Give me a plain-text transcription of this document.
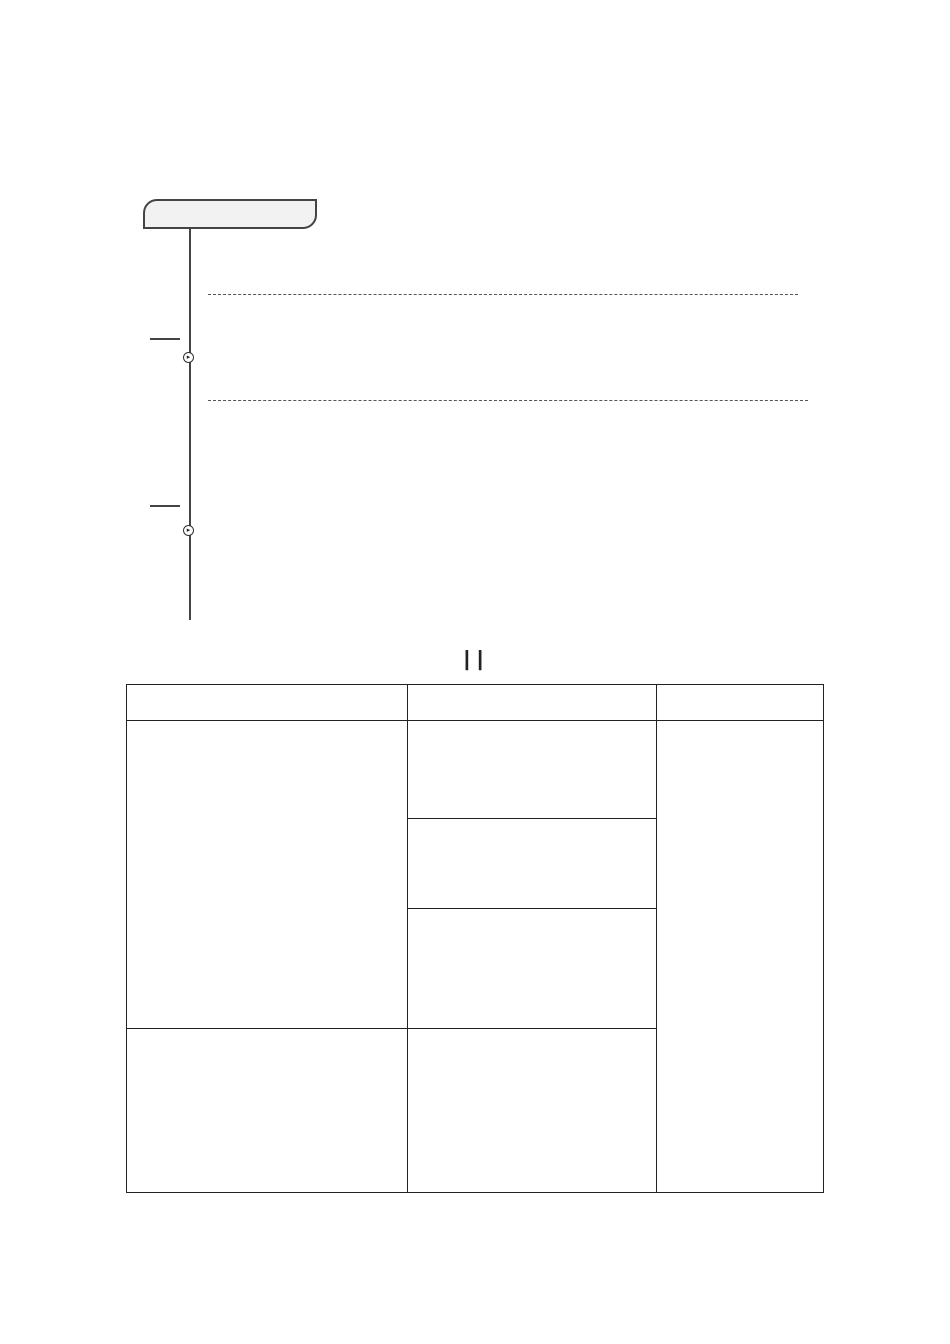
▸
▸

┃┃
